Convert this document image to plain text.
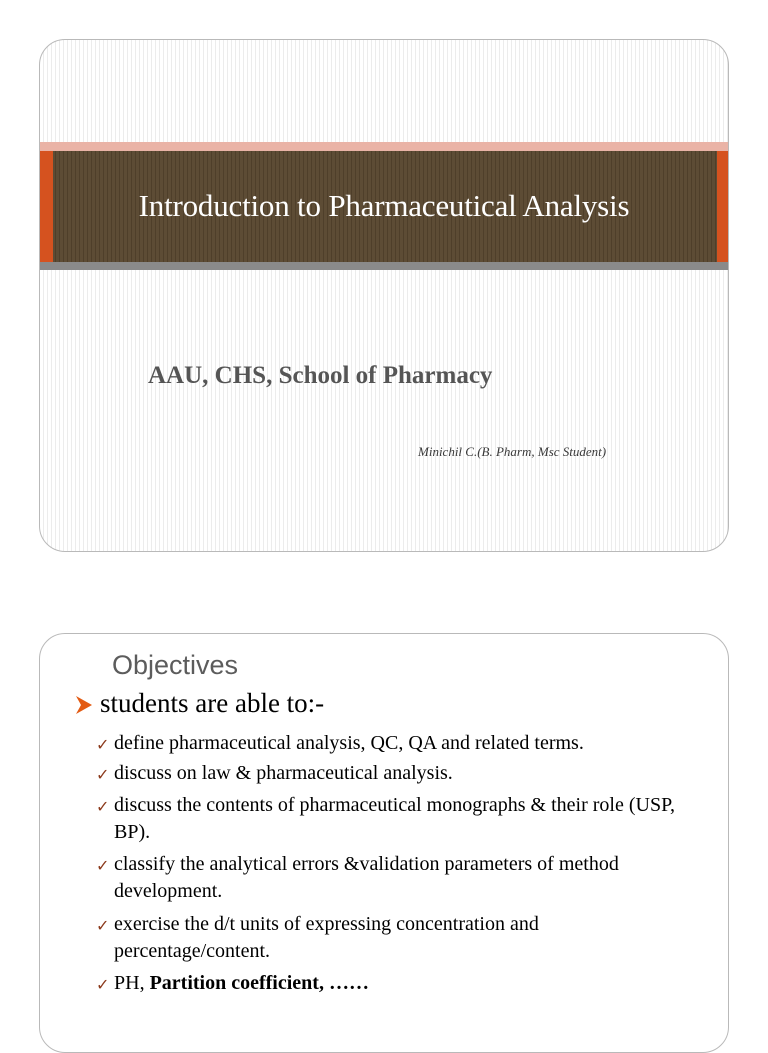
Introduction to Pharmaceutical Analysis
AAU, CHS, School of Pharmacy
Minichil C.(B. Pharm, Msc Student)
Objectives
students are able to:-
✓ define pharmaceutical analysis, QC, QA and related terms.
✓ discuss on law & pharmaceutical analysis.
✓ discuss the contents of pharmaceutical monographs & their role (USP, BP).
✓ classify the analytical errors &validation parameters of method development.
✓ exercise the d/t units of expressing concentration and percentage/content.
✓ PH, Partition coefficient, ……
